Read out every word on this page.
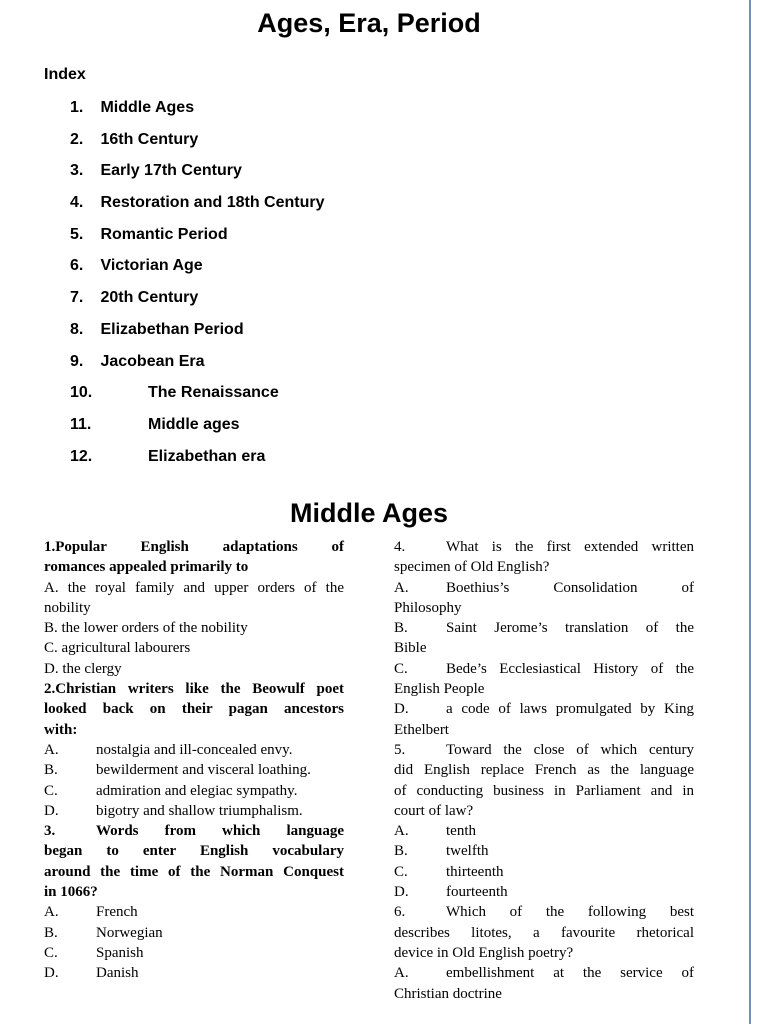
Ages, Era, Period
Index
1. Middle Ages
2. 16th Century
3. Early 17th Century
4. Restoration and 18th Century
5. Romantic Period
6. Victorian Age
7. 20th Century
8. Elizabethan Period
9. Jacobean Era
10.	The Renaissance
11.	Middle ages
12.	Elizabethan era
Middle Ages
1.Popular English adaptations of
romances appealed primarily to
A. the royal family and upper orders of the
nobility
B. the lower orders of the nobility
C. agricultural labourers
D. the clergy
2.Christian writers like the Beowulf poet
looked back on their pagan ancestors
with:
A. nostalgia and ill-concealed envy.
B.	bewilderment and visceral loathing.
C.	admiration and elegiac sympathy.
D. bigotry and shallow triumphalism.
3.	Words from which language
began to enter English vocabulary
around the time of the Norman Conquest
in 1066?
A. French
B.	Norwegian
C.	Spanish
D. Danish
4.	What is the first extended written
specimen of Old English?
A. Boethius’s Consolidation of
Philosophy
B.	Saint Jerome’s translation of the
Bible
C.	Bede’s Ecclesiastical History of the
English People
D. a code of laws promulgated by King
Ethelbert
5.	Toward the close of which century
did English replace French as the language
of conducting business in Parliament and in
court of law?
A. tenth
B.	twelfth
C.	thirteenth
D. fourteenth
6.	Which of the following best
describes litotes, a favourite rhetorical
device in Old English poetry?
A. embellishment at the service of
Christian doctrine
